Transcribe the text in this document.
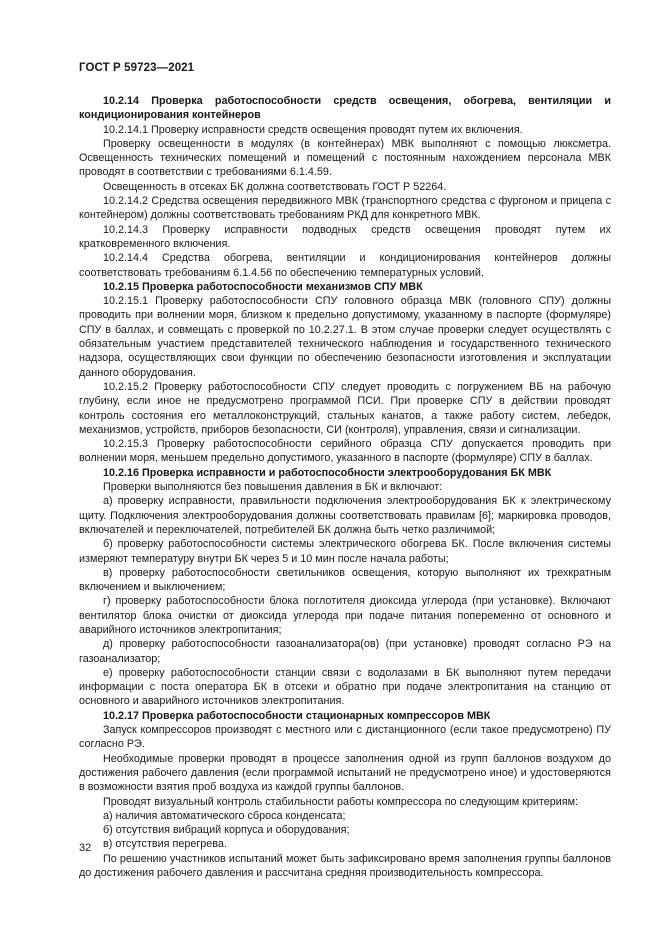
ГОСТ Р 59723—2021

10.2.14 Проверка работоспособности средств освещения, обогрева, вентиляции и кондиционирования контейнеров

10.2.14.1 Проверку исправности средств освещения проводят путем их включения.

Проверку освещенности в модулях (в контейнерах) МВК выполняют с помощью люксметра. Освещенность технических помещений и помещений с постоянным нахождением персонала МВК проводят в соответствии с требованиями 6.1.4.59.

Освещенность в отсеках БК должна соответствовать ГОСТ Р 52264.

10.2.14.2 Средства освещения передвижного МВК (транспортного средства с фургоном и прицепа с контейнером) должны соответствовать требованиям РКД для конкретного МВК.

10.2.14.3 Проверку исправности подводных средств освещения проводят путем их кратковременного включения.

10.2.14.4 Средства обогрева, вентиляции и кондиционирования контейнеров должны соответствовать требованиям 6.1.4.56 по обеспечению температурных условий.

10.2.15 Проверка работоспособности механизмов СПУ МВК

10.2.15.1 Проверку работоспособности СПУ головного образца МВК (головного СПУ) должны проводить при волнении моря, близком к предельно допустимому, указанному в паспорте (формуляре) СПУ в баллах, и совмещать с проверкой по 10.2.27.1. В этом случае проверки следует осуществлять с обязательным участием представителей технического наблюдения и государственного технического надзора, осуществляющих свои функции по обеспечению безопасности изготовления и эксплуатации данного оборудования.

10.2.15.2 Проверку работоспособности СПУ следует проводить с погружением ВБ на рабочую глубину, если иное не предусмотрено программой ПСИ. При проверке СПУ в действии проводят контроль состояния его металлоконструкций, стальных канатов, а также работу систем, лебедок, механизмов, устройств, приборов безопасности, СИ (контроля), управления, связи и сигнализации.

10.2.15.3 Проверку работоспособности серийного образца СПУ допускается проводить при волнении моря, меньшем предельно допустимого, указанного в паспорте (формуляре) СПУ в баллах.

10.2.16 Проверка исправности и работоспособности электрооборудования БК МВК

Проверки выполняются без повышения давления в БК и включают:

а) проверку исправности, правильности подключения электрооборудования БК к электрическому щиту. Подключения электрооборудования должны соответствовать правилам [6]; маркировка проводов, включателей и переключателей, потребителей БК должна быть четко различимой;

б) проверку работоспособности системы электрического обогрева БК. После включения системы измеряют температуру внутри БК через 5 и 10 мин после начала работы;

в) проверку работоспособности светильников освещения, которую выполняют их трехкратным включением и выключением;

г) проверку работоспособности блока поглотителя диоксида углерода (при установке). Включают вентилятор блока очистки от диоксида углерода при подаче питания попеременно от основного и аварийного источников электропитания;

д) проверку работоспособности газоанализатора(ов) (при установке) проводят согласно РЭ на газоанализатор;

е) проверку работоспособности станции связи с водолазами в БК выполняют путем передачи информации с поста оператора БК в отсеки и обратно при подаче электропитания на станцию от основного и аварийного источников электропитания.

10.2.17 Проверка работоспособности стационарных компрессоров МВК

Запуск компрессоров производят с местного или с дистанционного (если такое предусмотрено) ПУ согласно РЭ.

Необходимые проверки проводят в процессе заполнения одной из групп баллонов воздухом до достижения рабочего давления (если программой испытаний не предусмотрено иное) и удостоверяются в возможности взятия проб воздуха из каждой группы баллонов.

Проводят визуальный контроль стабильности работы компрессора по следующим критериям:

а) наличия автоматического сброса конденсата;

б) отсутствия вибраций корпуса и оборудования;

в) отсутствия перегрева.

По решению участников испытаний может быть зафиксировано время заполнения группы баллонов до достижения рабочего давления и рассчитана средняя производительность компрессора.

32
